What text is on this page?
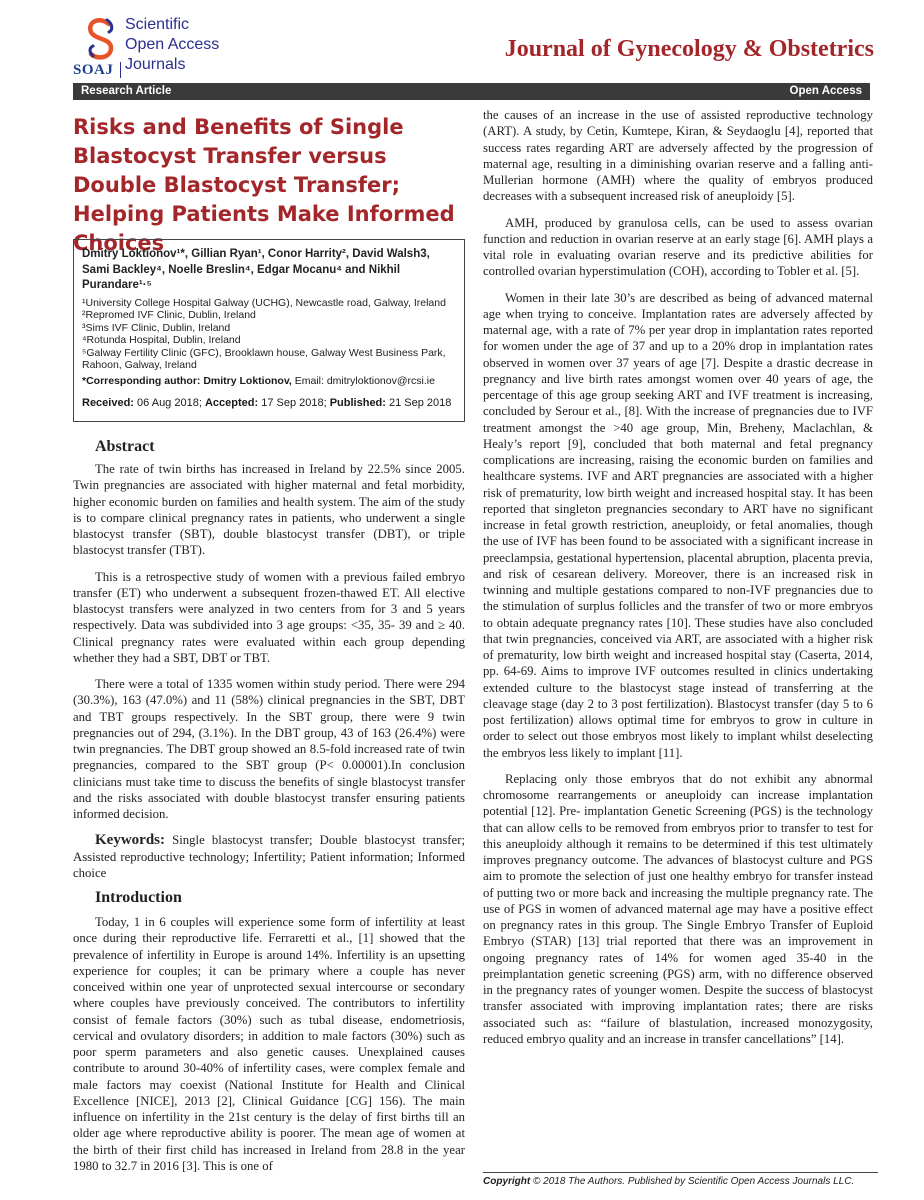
Scientific
Open Access
Journals
SOAJ
Journal of Gynecology & Obstetrics
Research Article	Open Access
Risks and Benefits of Single Blastocyst Transfer versus Double Blastocyst Transfer; Helping Patients Make Informed Choices
Dmitry Loktionov¹*, Gillian Ryan¹, Conor Harrity², David Walsh3, Sami Backley⁴, Noelle Breslin⁴, Edgar Mocanu⁴ and Nikhil Purandare¹·⁵
¹University College Hospital Galway (UCHG), Newcastle road, Galway, Ireland
²Repromed IVF Clinic, Dublin, Ireland
³Sims IVF Clinic, Dublin, Ireland
⁴Rotunda Hospital, Dublin, Ireland
⁵Galway Fertility Clinic (GFC), Brooklawn house, Galway West Business Park, Rahoon, Galway, Ireland
*Corresponding author: Dmitry Loktionov, Email: dmitryloktionov@rcsi.ie
Received: 06 Aug 2018; Accepted: 17 Sep 2018; Published: 21 Sep 2018
Abstract

The rate of twin births has increased in Ireland by 22.5% since 2005. Twin pregnancies are associated with higher maternal and fetal morbidity, higher economic burden on families and health system. The aim of the study is to compare clinical pregnancy rates in patients, who underwent a single blastocyst transfer (SBT), double blastocyst transfer (DBT), or triple blastocyst transfer (TBT).

This is a retrospective study of women with a previous failed embryo transfer (ET) who underwent a subsequent frozen-thawed ET. All elective blastocyst transfers were analyzed in two centers from for 3 and 5 years respectively. Data was subdivided into 3 age groups: <35, 35- 39 and ≥ 40. Clinical pregnancy rates were evaluated within each group depending whether they had a SBT, DBT or TBT.

There were a total of 1335 women within study period. There were 294 (30.3%), 163 (47.0%) and 11 (58%) clinical pregnancies in the SBT, DBT and TBT groups respectively. In the SBT group, there were 9 twin pregnancies out of 294, (3.1%). In the DBT group, 43 of 163 (26.4%) were twin pregnancies. The DBT group showed an 8.5-fold increased rate of twin pregnancies, compared to the SBT group (P< 0.00001).In conclusion clinicians must take time to discuss the benefits of single blastocyst transfer and the risks associated with double blastocyst transfer ensuring patients informed decision.

Keywords: Single blastocyst transfer; Double blastocyst transfer; Assisted reproductive technology; Infertility; Patient information; Informed choice
Introduction

Today, 1 in 6 couples will experience some form of infertility at least once during their reproductive life. Ferraretti et al., [1] showed that the prevalence of infertility in Europe is around 14%. Infertility is an upsetting experience for couples; it can be primary where a couple has never conceived within one year of unprotected sexual intercourse or secondary where couples have previously conceived. The contributors to infertility consist of female factors (30%) such as tubal disease, endometriosis, cervical and ovulatory disorders; in addition to male factors (30%) such as poor sperm parameters and also genetic causes. Unexplained causes contribute to around 30-40% of infertility cases, were complex female and male factors may coexist (National Institute for Health and Clinical Excellence [NICE], 2013 [2], Clinical Guidance [CG] 156). The main influence on infertility in the 21st century is the delay of first births till an older age where reproductive ability is poorer. The mean age of women at the birth of their first child has increased in Ireland from 28.8 in the year 1980 to 32.7 in 2016 [3]. This is one of

the causes of an increase in the use of assisted reproductive technology (ART). A study, by Cetin, Kumtepe, Kiran, & Seydaoglu [4], reported that success rates regarding ART are adversely affected by the progression of maternal age, resulting in a diminishing ovarian reserve and a falling anti-Mullerian hormone (AMH) where the quality of embryos produced decreases with a subsequent increased risk of aneuploidy [5].

AMH, produced by granulosa cells, can be used to assess ovarian function and reduction in ovarian reserve at an early stage [6]. AMH plays a vital role in evaluating ovarian reserve and its predictive abilities for controlled ovarian hyperstimulation (COH), according to Tobler et al. [5].

Women in their late 30’s are described as being of advanced maternal age when trying to conceive. Implantation rates are adversely affected by maternal age, with a rate of 7% per year drop in implantation rates reported for women under the age of 37 and up to a 20% drop in implantation rates observed in women over 37 years of age [7]. Despite a drastic decrease in pregnancy and live birth rates amongst women over 40 years of age, the percentage of this age group seeking ART and IVF treatment is increasing, concluded by Serour et al., [8]. With the increase of pregnancies due to IVF treatment amongst the >40 age group, Min, Breheny, Maclachlan, & Healy’s report [9], concluded that both maternal and fetal pregnancy complications are increasing, raising the economic burden on families and healthcare systems. IVF and ART pregnancies are associated with a higher risk of prematurity, low birth weight and increased hospital stay. It has been reported that singleton pregnancies secondary to ART have no significant increase in fetal growth restriction, aneuploidy, or fetal anomalies, though the use of IVF has been found to be associated with a significant increase in preeclampsia, gestational hypertension, placental abruption, placenta previa, and risk of cesarean delivery. Moreover, there is an increased risk in twinning and multiple gestations compared to non-IVF pregnancies due to the stimulation of surplus follicles and the transfer of two or more embryos to obtain adequate pregnancy rates [10]. These studies have also concluded that twin pregnancies, conceived via ART, are associated with a higher risk of prematurity, low birth weight and increased hospital stay (Caserta, 2014, pp. 64-69. Aims to improve IVF outcomes resulted in clinics undertaking extended culture to the blastocyst stage instead of transferring at the cleavage stage (day 2 to 3 post fertilization). Blastocyst transfer (day 5 to 6 post fertilization) allows optimal time for embryos to grow in culture in order to select out those embryos most likely to implant whilst deselecting the embryos less likely to implant [11].

Replacing only those embryos that do not exhibit any abnormal chromosome rearrangements or aneuploidy can increase implantation potential [12]. Pre- implantation Genetic Screening (PGS) is the technology that can allow cells to be removed from embryos prior to transfer to test for this aneuploidy although it remains to be determined if this test ultimately improves pregnancy outcome. The advances of blastocyst culture and PGS aim to promote the selection of just one healthy embryo for transfer instead of putting two or more back and increasing the multiple pregnancy rate. The use of PGS in women of advanced maternal age may have a positive effect on pregnancy rates in this group. The Single Embryo Transfer of Euploid Embryo (STAR) [13] trial reported that there was an improvement in ongoing pregnancy rates of 14% for women aged 35-40 in the preimplantation genetic screening (PGS) arm, with no difference observed in the pregnancy rates of younger women. Despite the success of blastocyst transfer associated with improving implantation rates; there are risks associated such as: “failure of blastulation, increased monozygosity, reduced embryo quality and an increase in transfer cancellations” [14].

Copyright © 2018 The Authors. Published by Scientific Open Access Journals LLC.
